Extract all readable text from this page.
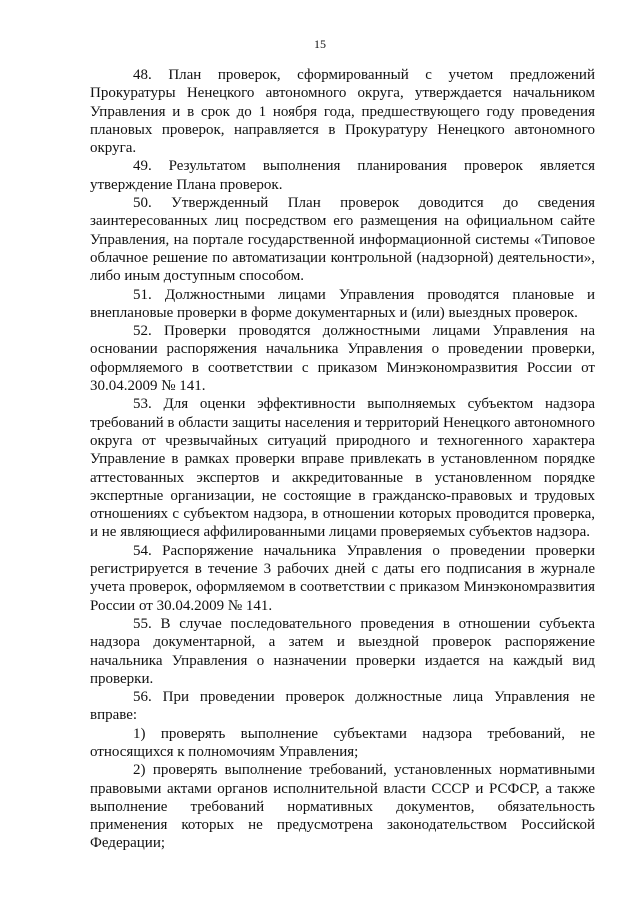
15

48. План проверок, сформированный с учетом предложений Прокуратуры Ненецкого автономного округа, утверждается начальником Управления и в срок до 1 ноября года, предшествующего году проведения плановых проверок, направляется в Прокуратуру Ненецкого автономного округа.

49. Результатом выполнения планирования проверок является утверждение Плана проверок.

50. Утвержденный План проверок доводится до сведения заинтересованных лиц посредством его размещения на официальном сайте Управления, на портале государственной информационной системы «Типовое облачное решение по автоматизации контрольной (надзорной) деятельности», либо иным доступным способом.

51. Должностными лицами Управления проводятся плановые и внеплановые проверки в форме документарных и (или) выездных проверок.

52. Проверки проводятся должностными лицами Управления на основании распоряжения начальника Управления о проведении проверки, оформляемого в соответствии с приказом Минэкономразвития России от 30.04.2009 № 141.

53. Для оценки эффективности выполняемых субъектом надзора требований в области защиты населения и территорий Ненецкого автономного округа от чрезвычайных ситуаций природного и техногенного характера Управление в рамках проверки вправе привлекать в установленном порядке аттестованных экспертов и аккредитованные в установленном порядке экспертные организации, не состоящие в гражданско-правовых и трудовых отношениях с субъектом надзора, в отношении которых проводится проверка, и не являющиеся аффилированными лицами проверяемых субъектов надзора.

54. Распоряжение начальника Управления о проведении проверки регистрируется в течение 3 рабочих дней с даты его подписания в журнале учета проверок, оформляемом в соответствии с приказом Минэкономразвития России от 30.04.2009 № 141.

55. В случае последовательного проведения в отношении субъекта надзора документарной, а затем и выездной проверок распоряжение начальника Управления о назначении проверки издается на каждый вид проверки.

56. При проведении проверок должностные лица Управления не вправе:

1) проверять выполнение субъектами надзора требований, не относящихся к полномочиям Управления;

2) проверять выполнение требований, установленных нормативными правовыми актами органов исполнительной власти СССР и РСФСР, а также выполнение требований нормативных документов, обязательность применения которых не предусмотрена законодательством Российской Федерации;
